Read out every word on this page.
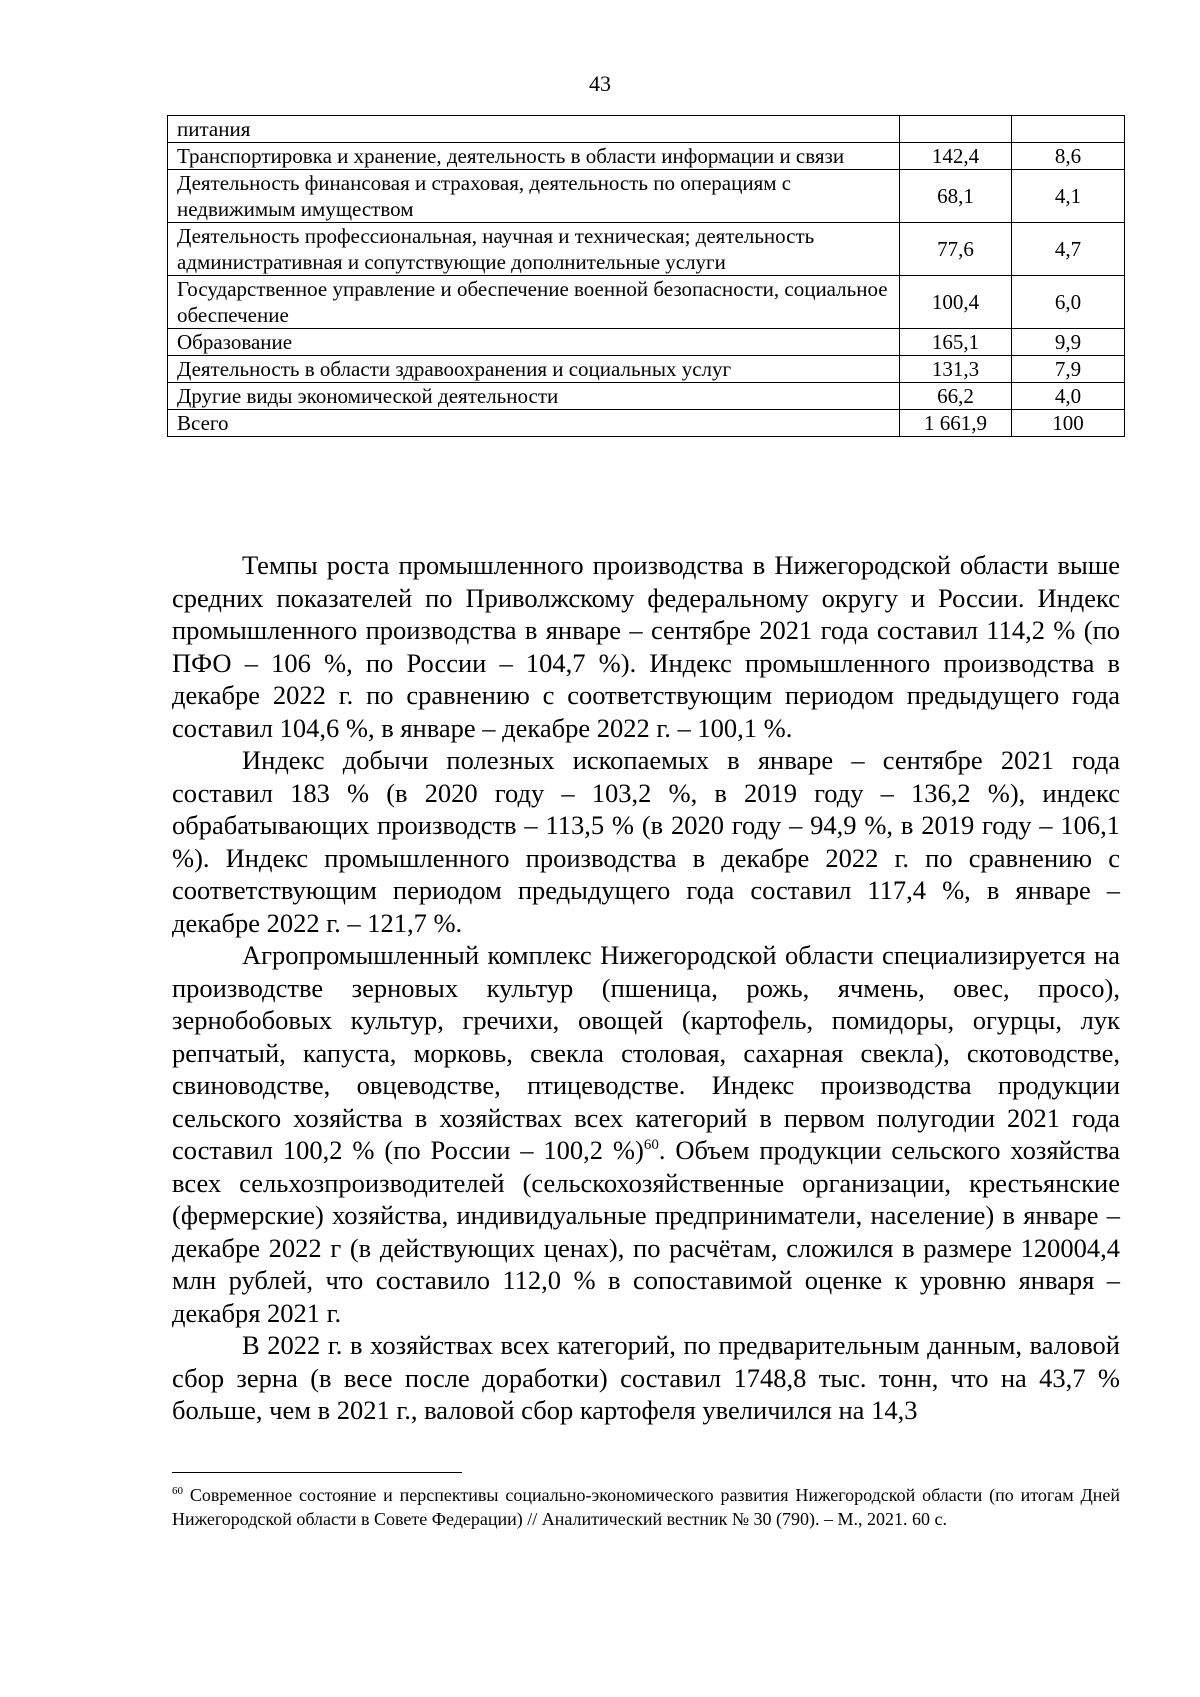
43
питания		
Транспортировка и хранение, деятельность в области информации и связи	142,4	8,6
Деятельность финансовая и страховая, деятельность по операциям с недвижимым имуществом	68,1	4,1
Деятельность профессиональная, научная и техническая; деятельность административная и сопутствующие дополнительные услуги	77,6	4,7
Государственное управление и обеспечение военной безопасности, социальное обеспечение	100,4	6,0
Образование	165,1	9,9
Деятельность в области здравоохранения и социальных услуг	131,3	7,9
Другие виды экономической деятельности	66,2	4,0
Всего	1 661,9	100

Темпы роста промышленного производства в Нижегородской области выше средних показателей по Приволжскому федеральному округу и России. Индекс промышленного производства в январе – сентябре 2021 года составил 114,2 % (по ПФО – 106 %, по России – 104,7 %). Индекс промышленного производства в декабре 2022 г. по сравнению с соответствующим периодом предыдущего года составил 104,6 %, в январе – декабре 2022 г. – 100,1 %.

Индекс добычи полезных ископаемых в январе – сентябре 2021 года составил 183 % (в 2020 году – 103,2 %, в 2019 году – 136,2 %), индекс обрабатывающих производств – 113,5 % (в 2020 году – 94,9 %, в 2019 году – 106,1 %). Индекс промышленного производства в декабре 2022 г. по сравнению с соответствующим периодом предыдущего года составил 117,4 %, в январе – декабре 2022 г. – 121,7 %.

Агропромышленный комплекс Нижегородской области специализируется на производстве зерновых культур (пшеница, рожь, ячмень, овес, просо), зернобобовых культур, гречихи, овощей (картофель, помидоры, огурцы, лук репчатый, капуста, морковь, свекла столовая, сахарная свекла), скотоводстве, свиноводстве, овцеводстве, птицеводстве. Индекс производства продукции сельского хозяйства в хозяйствах всех категорий в первом полугодии 2021 года составил 100,2 % (по России – 100,2 %)$^{60}$. Объем продукции сельского хозяйства всех сельхозпроизводителей (сельскохозяйственные организации, крестьянские (фермерские) хозяйства, индивидуальные предприниматели, население) в январе – декабре 2022 г (в действующих ценах), по расчётам, сложился в размере 120004,4 млн рублей, что составило 112,0 % в сопоставимой оценке к уровню января – декабря 2021 г.

В 2022 г. в хозяйствах всех категорий, по предварительным данным, валовой сбор зерна (в весе после доработки) составил 1748,8 тыс. тонн, что на 43,7 % больше, чем в 2021 г., валовой сбор картофеля увеличился на 14,3

$^{60}$ Современное состояние и перспективы социально-экономического развития Нижегородской области (по итогам Дней Нижегородской области в Совете Федерации) // Аналитический вестник № 30 (790). – М., 2021. 60 с.
